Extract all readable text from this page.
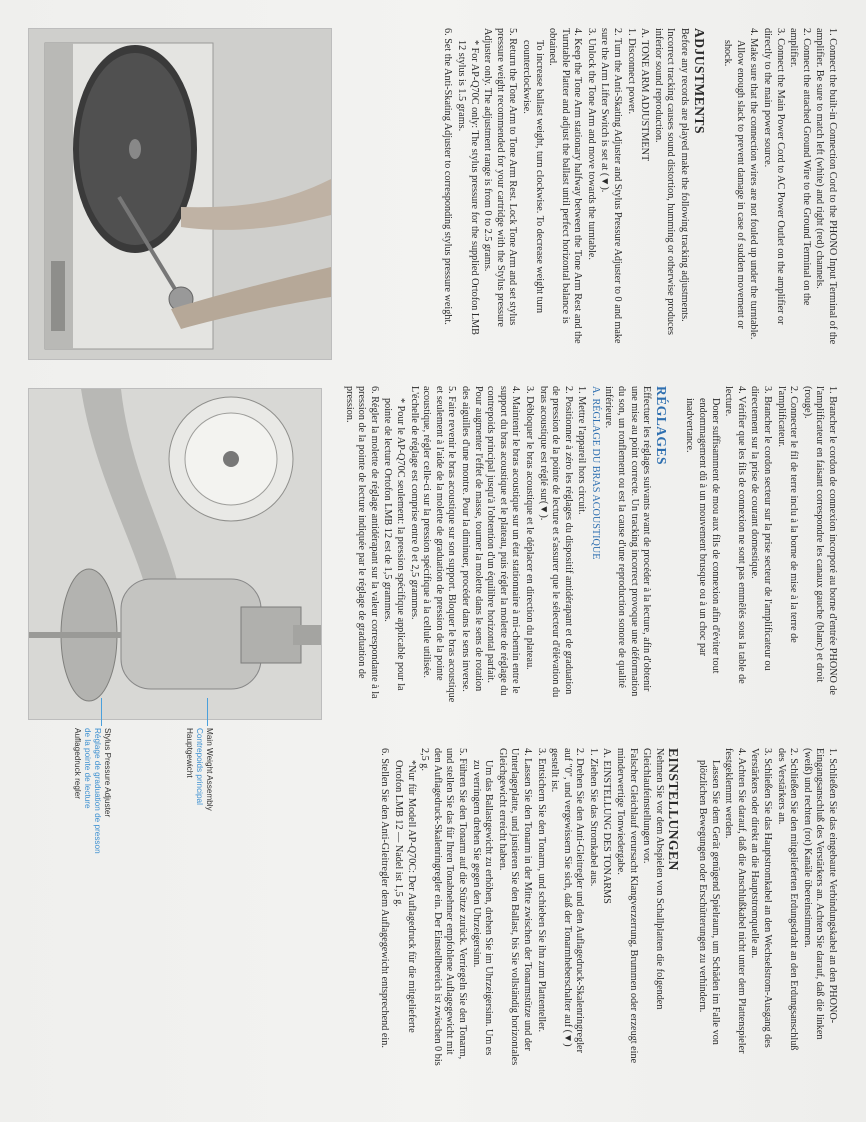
1. Connect the built-in Connection Cord to the PHONO Input Terminal of the amplifier. Be sure to match left (white) and right (red) channels.
2. Connect the attached Ground Wire to the Ground Terminal on the amplifier.
3. Connect the Main Power Cord to AC Power Outlet on the amplifier or directly to the main power source.
4. Make sure that the connection wires are not fouled up under the turntable.
Allow enough slack to prevent damage in case of sudden movement or shock.
ADJUSTMENTS

Before any records are played make the following tracking adjustments.

Incorrect tracking causes sound distortion, humming or otherwise produces inferior sound reproduction.

A. TONE ARM ADJUSTMENT

1. Disconnect power.

2. Turn the Anti-Skating Adjuster and Stylus Pressure Adjuster to 0 and make sure the Arm Lifter Switch is set at (▼).

3. Unlock the Tone Arm and move towards the turntable.

4. Keep the Tone Arm stationary halfway between the Tone Arm Rest and the Turntable Platter and adjust the ballast until perfect horizontal balance is obtained.

To increase ballast weight, turn clockwise. To decrease weight turn counterclockwise.

5. Return the Tone Arm to Tone Arm Rest. Lock Tone Arm and set stylus pressure weight recommended for your cartridge with the Stylus pressure Adjuster only. The adjustment range is from 0 to 2.5 grams.

* For AP-Q70C only: The stylus pressure for the supplied Ortofon LMB 12 stylus is 1.5 grams.

6. Set the Anti-Skating Adjuster to corresponding stylus pressure weight.

1. Brancher le cordon de connexion incorporé au borne d'entrée PHONO de l'amplificateur en faisant correspondre les canaux gauche (blanc) et droit (rouge).
2. Connecter le fil de terre inclu à la borne de mise à la terre de l'amplificateur.
3. Brancher le cordon secteur sur la prise secteur de l'amplificateur ou directement sur la prise de courant domestique.
4. Vérifier que les fils de connexion ne sont pas emmêlés sous la table de lecture.
Doner suffisamment de mou aux fils de connexion afin d'éviter tout endommagement dû à un mouvement brusque ou à un choc par inadvertance.
RÉGLAGES

Effectuer les réglages suivants avant de procéder à la lecture, afin d'obtenir une mise au point correcte. Un tracking incorrect provoque une déformation du son, un ronflement ou est la cause d'une reproduction sonore de qualité inférieure.

A. RÉGLAGE DU BRAS ACOUSTIQUE

1. Mettre l'appareil hors circuit.

2. Positionner à zéro les réglages du dispositif antidérapant et de graduation de pression de la pointe de lecture et s'assurer que le sélecteur d'élévation du bras acoustique est réglé sur(▼).

3. Débloquer le bras acoustique et le déplacer en direction du plateau.

4. Maintenir le bras acoustique sur un état stationnaire à mi-chemin entre le support du bras acoustique et le plateau, puis régler la molette de réglage du contrepoids principal jusqu'à l'obtention d'un équilibre horizontal parfait. Pour augmenter l'effet de masse, tourner la molette dans le sens de rotation des aiguilles d'une montre. Pour la diminuer, procéder dans le sens inverse.

5. Faire revenir le bras acoustique sur son support. Bloquer le bras acoustique et seulement à l'aide de la molette de graduation de pression de la pointe acoustique, régler celle-ci sur la pression spécifique à la cellule utilisée. L'échelle de réglage est comprise entre 0 et 2,5 grammes.

* Pour le AP-Q70C seulement: la pression spécifique applicable pour la pointe de lecture Ortofon LMB 12 est de 1,5 grammes.

6. Régler la molette de réglage antidérapant sur la valeur correspondante à la pression de la pointe de lecture indiquée par le réglage de graduation de pression.

1. Schließen Sie das eingebaute Verbindungskabel an den PHONO-Eingangsanschluß des Verstärkers an. Achten Sie darauf, daß die linken (weiß) und rechten (rot) Kanäle übereinstimmen.
2. Schließen Sie den mitgelieferten Erdungsdraht an den Erdungsanschluß des Verstärkers an.
3. Schließen Sie das Hauptstromkabel an den Wechselstrom-Ausgang des Verstärkers oder direkt an die Hauptstromquelle an.
4. Achten Sie darauf, daß die Anschlußkabel nicht unter dem Plattenspieler festgeklemmt werden.
Lassen Sie dem Gerät genügend Spielraum, um Schäden im Falle von plötzlichen Bewegungen oder Erschütterungen zu verhindern.
EINSTELLUNGEN

Nehmen Sie vor dem Abspielen von Schallplatten die folgenden Gleichlaufeinstellungen vor.

Falscher Gleichlauf verursacht Klangverzerrung, Brummen oder erzeugt eine minderwertige Tonwiedergabe.

A. EINSTELLUNG DES TONARMS

1. Ziehen Sie das Stromkabel aus.

2. Drehen Sie den Anti-Gleitregler und den Auflagedruck-Skalenringregler auf "0", und vergewissern Sie sich, daß der Tonarmheberschalter auf (▼) gestellt ist.

3. Entsichern Sie den Tonarm, und schieben Sie ihn zum Plattenteller.

4. Lassen Sie den Tonarm in der Mitte zwischen der Tonarmstütze und der Unterlageplatte, und justieren Sie den Ballast, bis Sie vollständig horizontales Gleichgewicht erreicht haben.

Um das Ballastgewicht zu erhöhen, drehen Sie im Uhrzeigersinn. Um es zu verringern drehen Sie gegen den Uhrzeigersinn.

5. Führen Sie den Tonarm auf die Stütze zurück. Verriegeln Sie den Tonarm, und stellen Sie das für Ihren Tonabnehmer empfohlene Auflagegewicht mit den Auflagedruck-Skalenringregler ein. Der Einstellbereich ist zwischen 0 bis 2,5 g.

*Nur für Modell AP-Q70C: Der Auflagedruck für die mitgelieferte Ortofon LMB 12 — Nadel ist 1,5 g.

6. Stellen Sie den Anti-Gleitregler dem Auflagegewicht entsprechend ein.

Main Weight Assembly
Contrepoids principal
Hauptgewicht
Stylus Pressure Adjuster
Réglage de graduation de presson
de la pointe de lecture
Auflagedruck regler
